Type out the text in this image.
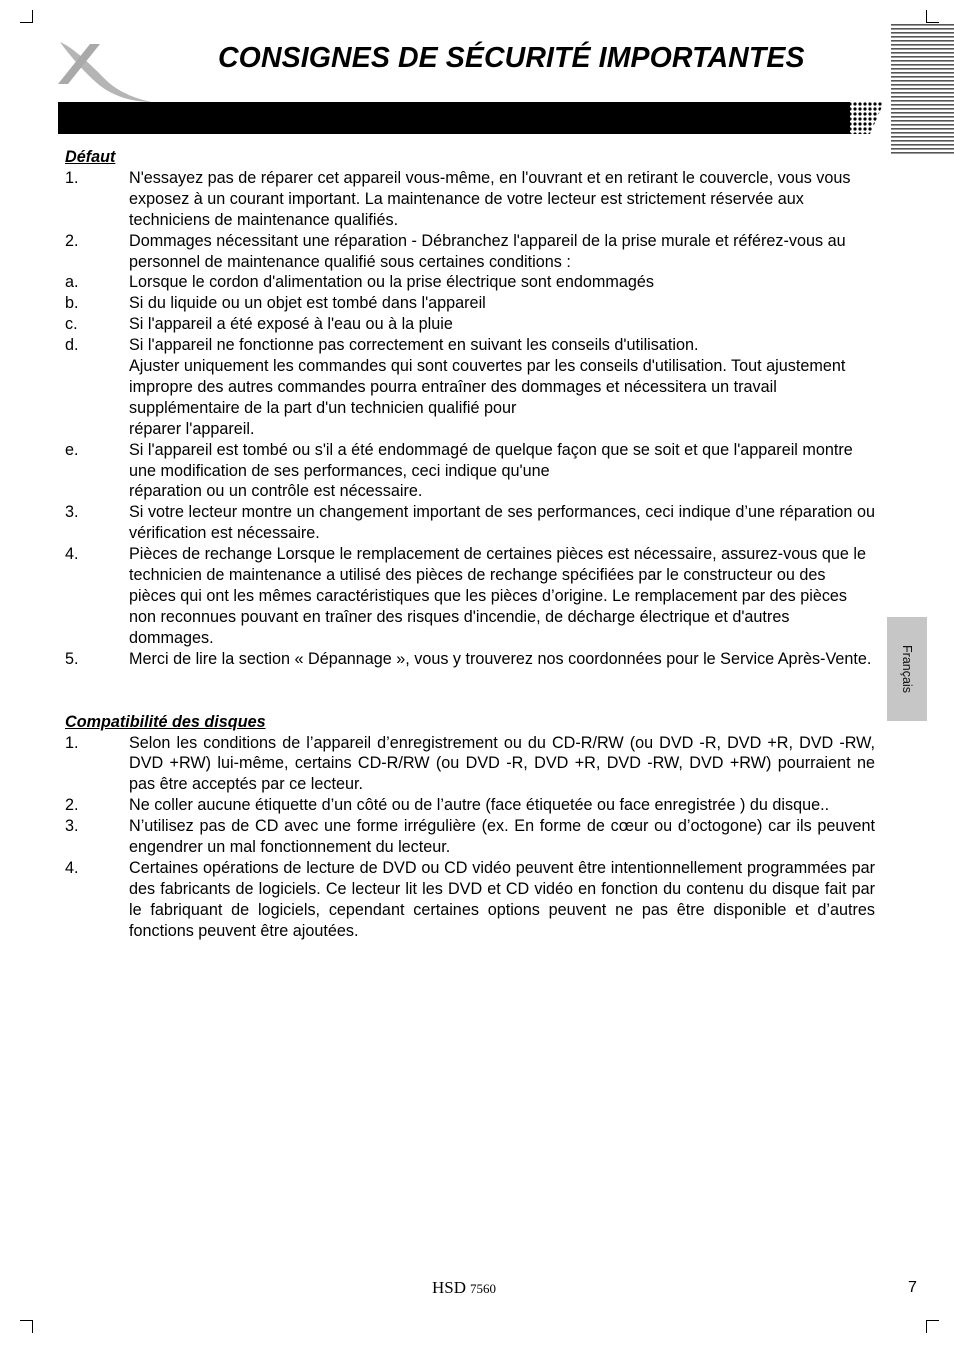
CONSIGNES DE SÉCURITÉ IMPORTANTES
Français
Défaut
1.	N'essayez pas de réparer cet appareil vous-même, en l'ouvrant et en retirant le couvercle, vous vous exposez à un courant important. La maintenance de votre lecteur est strictement réservée aux techniciens de maintenance qualifiés.
2.	Dommages nécessitant une réparation - Débranchez l'appareil de la prise murale et référez-vous au personnel de maintenance qualifié sous certaines conditions :
a.	Lorsque le cordon d'alimentation ou la prise électrique sont endommagés
b.	Si du liquide ou un objet est tombé dans l'appareil
c.	Si l'appareil a été exposé à l'eau ou à la pluie
d.	Si l'appareil ne fonctionne pas correctement en suivant les conseils d'utilisation.
Ajuster uniquement les commandes qui sont couvertes par les conseils d'utilisation. Tout ajustement impropre des autres commandes pourra entraîner des dommages et nécessitera un travail supplémentaire de la part d'un technicien qualifié pour
réparer l'appareil.
e.	Si l'appareil est tombé ou s'il a été endommagé de quelque façon que se soit et que l'appareil montre une modification de ses performances, ceci indique qu'une
réparation ou un contrôle est nécessaire.
3.	Si votre lecteur montre un changement important de ses performances, ceci indique d’une réparation ou vérification est nécessaire.
4.	Pièces de rechange Lorsque le remplacement de certaines pièces est nécessaire, assurez-vous que le technicien de maintenance a utilisé des pièces de rechange spécifiées par le constructeur ou des pièces qui ont les mêmes caractéristiques que les pièces d’origine. Le remplacement par des pièces non reconnues pouvant en traîner des risques d'incendie, de décharge électrique et d'autres dommages.
5.	Merci de lire la section « Dépannage », vous y trouverez nos coordonnées pour le Service Après-Vente.
Compatibilité des disques
1.	Selon les conditions de l’appareil d’enregistrement ou du CD-R/RW (ou DVD -R, DVD +R, DVD -RW, DVD +RW) lui-même, certains CD-R/RW (ou DVD -R, DVD +R, DVD -RW, DVD +RW) pourraient ne pas être acceptés par ce lecteur.
2.	Ne coller aucune étiquette d’un côté ou de l’autre (face étiquetée ou face enregistrée ) du disque..
3.	N’utilisez pas de CD avec une forme irrégulière (ex. En forme de cœur ou d’octogone) car ils peuvent engendrer un mal fonctionnement du lecteur.
4.	Certaines opérations de lecture de DVD ou CD vidéo peuvent être intentionnellement programmées par des fabricants de logiciels. Ce lecteur lit les DVD et CD vidéo en fonction du contenu du disque fait par le fabriquant de logiciels, cependant certaines options peuvent ne pas être disponible et d’autres fonctions peuvent être ajoutées.
HSD 7560	7
